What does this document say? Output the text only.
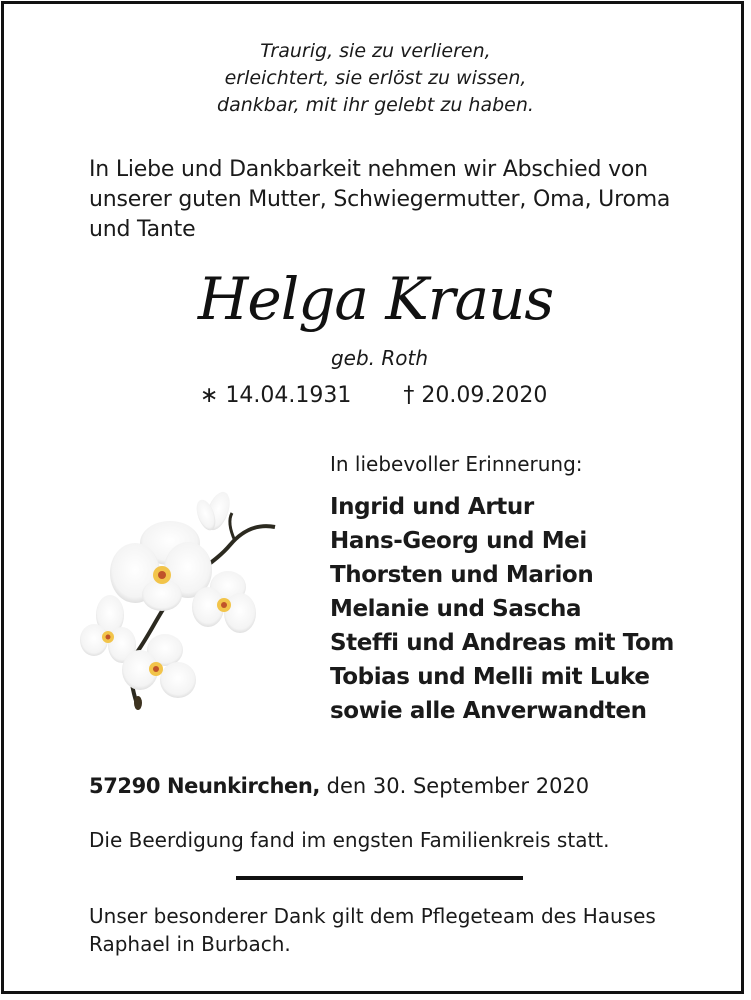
Traurig, sie zu verlieren,
erleichtert, sie erlöst zu wissen,
dankbar, mit ihr gelebt zu haben.
In Liebe und Dankbarkeit nehmen wir Abschied von
unserer guten Mutter, Schwiegermutter, Oma, Uroma
und Tante
Helga Kraus
geb. Roth
∗ 14.04.1931 † 20.09.2020
In liebevoller Erinnerung:
Ingrid und Artur
Hans-Georg und Mei
Thorsten und Marion
Melanie und Sascha
Steffi und Andreas mit Tom
Tobias und Melli mit Luke
sowie alle Anverwandten
57290 Neunkirchen, den 30. September 2020
Die Beerdigung fand im engsten Familienkreis statt.
Unser besonderer Dank gilt dem Pflegeteam des Hauses
Raphael in Burbach.
